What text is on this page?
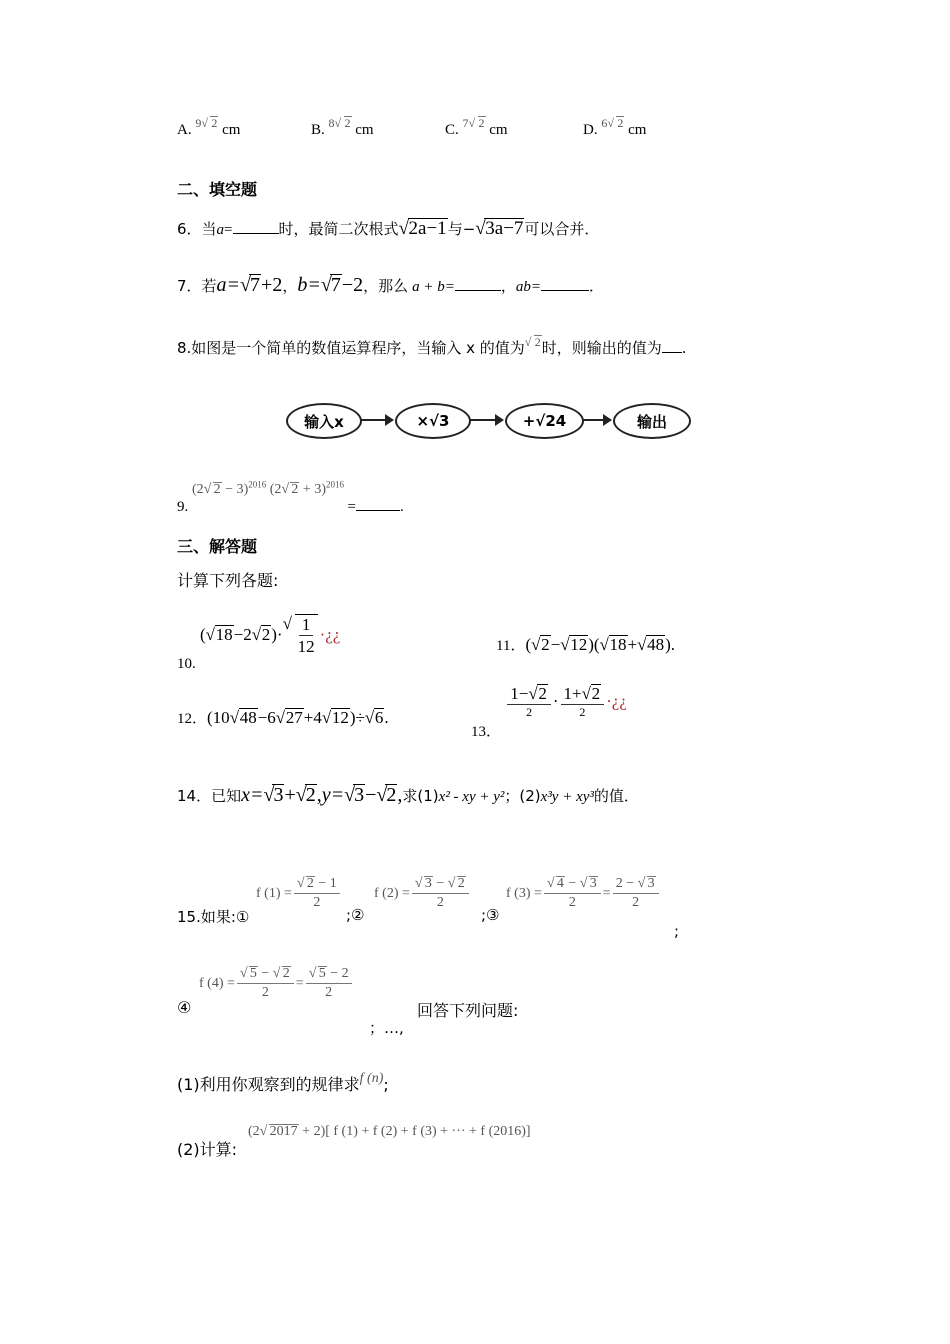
A. $^{9 √ 2}$ cm	B. $^{8 √ 2}$ cm	C. $^{7 √ 2}$ cm	D. $^{6 √ 2}$ cm
二、填空题
6．当a=	时，最简二次根式 √ 2a−1与− √ 3a−7可以合并．
7．若a= √ 7+2，b= √ 7−2，那么 a + b=	，ab=	．
8.如图是一个简单的数值运算程序，当输入 x 的值为 √ 2时，则输出的值为 .
输入x	×√3	+√24	输出
9. (2 √ 2 − 3)$^{2016}$ (2 √ 2 + 3)$^{2016}$ =	.
三、解答题
计算下列各题:
10. ( √ 18−2 √ 2)· √ $\frac{1}{12}$ ·¿¿
11．( √ 2− √ 12)( √ 18+ √ 48).
12．(10 √ 48−6 √ 27+4 √ 12)÷ √ 6.
13．
$\frac{1- √ 2}{2} \cdot \frac{1+ √ 2}{2}$ ·¿¿
14．已知x= √ 3+ √ 2,y= √ 3− √ 2,求(1)x² - xy + y²；(2)x³y + xy³的值．
15.如果:①
f (1) = √ $\frac{2 - 1}{2}$
;②
f (2) = √ $\frac{3 - √ 2}{2}$
;③
f (3) = √ $\frac{4 - √ 3}{2} = \frac{2 - √ 3}{2}$
;
④
f (4) = √ $\frac{5 - √ 2}{2}$ = √ $\frac{5 - 2}{2}$
；…,
回答下列问题:
(1)利用你观察到的规律求f (n);
(2)计算:
(2 √ 2017 + 2)[ f (1) + f (2) + f (3) + ··· + f (2016)]
